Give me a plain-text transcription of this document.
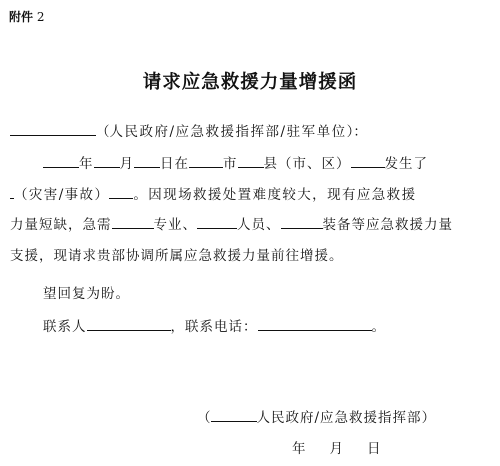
附件 2
请求应急救援力量增援函
（人民政府/应急救援指挥部/驻军单位）：
年 月 日在	市 县（市、区）	发生了
（灾害/事故） 。因现场救援处置难度较大，现有应急救援
力量短缺，急需	专业、	人员、	装备等应急救援力量
支援，现请求贵部协调所属应急救援力量前往增援。
望回复为盼。
联系人	，联系电话：	。
（	人民政府/应急救援指挥部）
年 月 日
